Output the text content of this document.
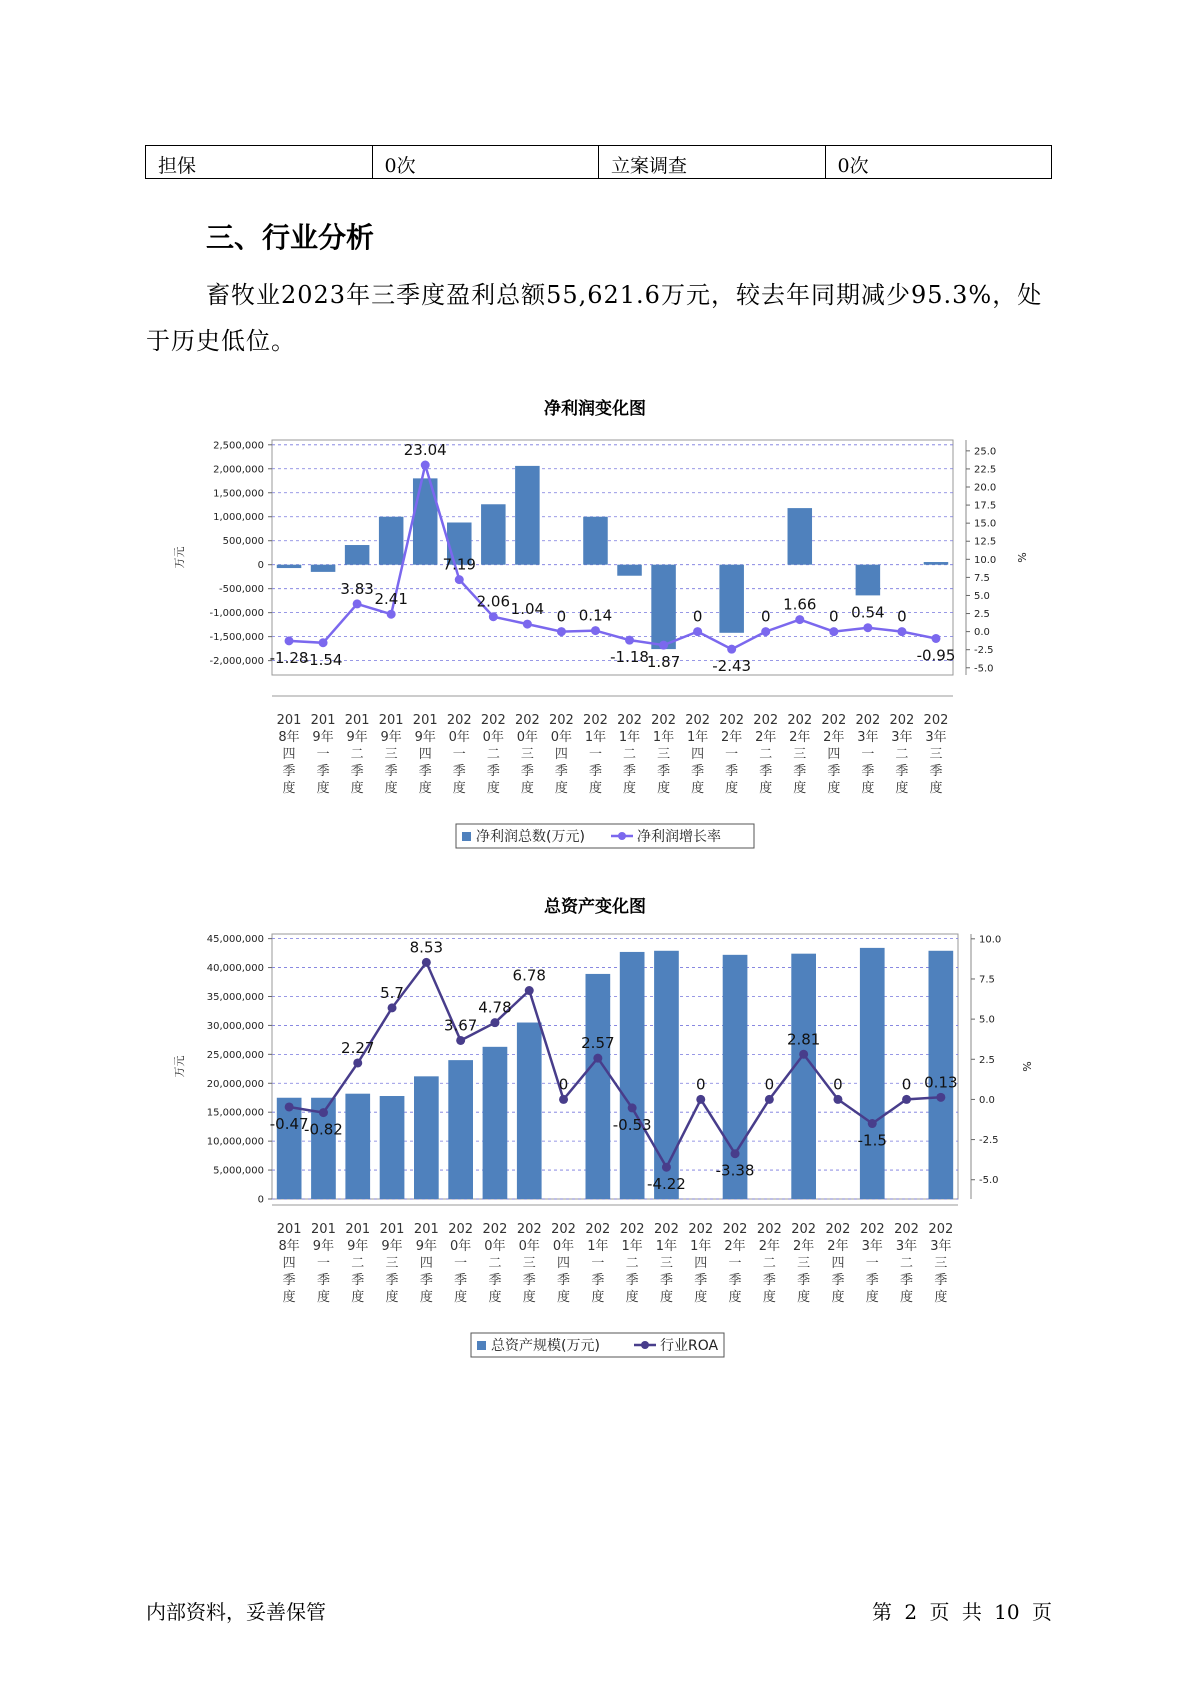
担保	0次	立案调查	0次
三、行业分析

畜牧业2023年三季度盈利总额55,621.6万元，较去年同期减少95.3%，处于历史低位。

净利润变化图
-2,000,000
-1,500,000
-1,000,000
-500,000
0
500,000
1,000,000
1,500,000
2,000,000
2,500,000
-5.0
-2.5
0.0
2.5
5.0
7.5
10.0
12.5
15.0
17.5
20.0
22.5
25.0
万元	%
-1.28
-1.54
3.83
2.41
23.04
7.19
2.06 1.04 0 0.14
-1.18
1.87
0
-2.43
0
1.66
0 0.54 0
-0.95
201 8年四季度
201 9年一季度
201 9年二季度
201 9年三季度
201 9年四季度
202 0年一季度
202 0年二季度
202 0年三季度
202 0年四季度
202 1年一季度
202 1年二季度
202 1年三季度
202 1年四季度
202 2年一季度
202 2年二季度
202 2年三季度
202 2年四季度
202 3年一季度
202 3年二季度
202 3年三季度
净利润总数(万元)	净利润增长率
总资产变化图
0
5,000,000
10,000,000
15,000,000
20,000,000
25,000,000
30,000,000
35,000,000
40,000,000
45,000,000
-5.0
-2.5
0.0
2.5
5.0
7.5
10.0
万元	%
-0.47
-0.82
2.27
5.7
8.53
3.67
4.78
6.78
0
2.57
-0.53
-4.22
0
-3.38
0
2.81
0
-1.5
0 0.13
201 8年四季度
201 9年一季度
201 9年二季度
201 9年三季度
201 9年四季度
202 0年一季度
202 0年二季度
202 0年三季度
202 0年四季度
202 1年一季度
202 1年二季度
202 1年三季度
202 1年四季度
202 2年一季度
202 2年二季度
202 2年三季度
202 2年四季度
202 3年一季度
202 3年二季度
202 3年三季度
总资产规模(万元)	行业ROA
内部资料，妥善保管	第 2 页 共 10 页
